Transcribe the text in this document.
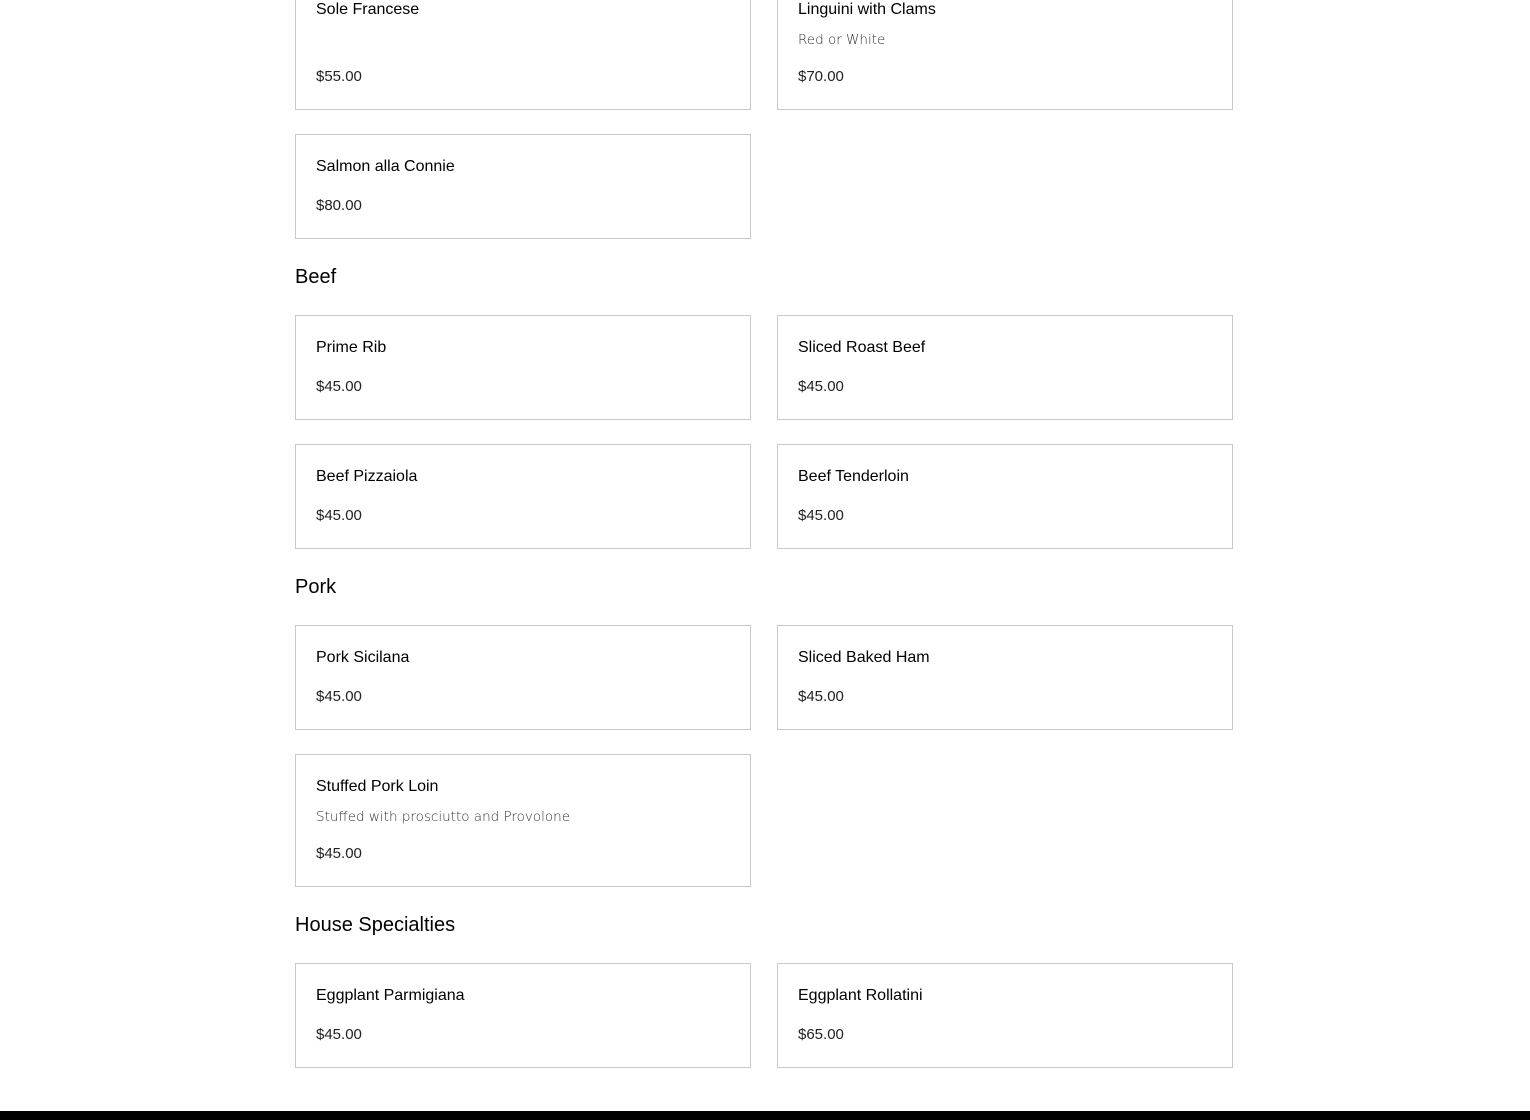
Sole Francese
$55.00
Linguini with Clams
Red or White
$70.00
Salmon alla Connie
$80.00
Beef
Prime Rib
$45.00
Sliced Roast Beef
$45.00
Beef Pizzaiola
$45.00
Beef Tenderloin
$45.00
Pork
Pork Sicilana
$45.00
Sliced Baked Ham
$45.00
Stuffed Pork Loin
Stuffed with prosciutto and Provolone
$45.00
House Specialties
Eggplant Parmigiana
$45.00
Eggplant Rollatini
$65.00
